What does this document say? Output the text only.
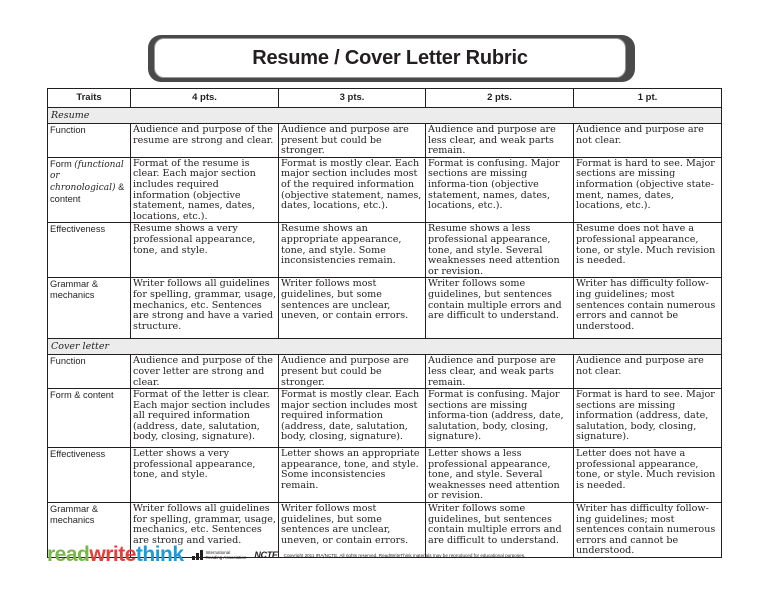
Resume / Cover Letter Rubric
Traits	4 pts.	3 pts.	2 pts.	1 pt.
Resume				
Function	Audience and purpose of the resume are strong and clear.	Audience and purpose are present but could be stronger.	Audience and purpose are less clear, and weak parts remain.	Audience and purpose are not clear.
Form (functional or chronological) & content	Format of the resume is clear. Each major section includes required information (objective statement, names, dates, locations, etc.).	Format is mostly clear. Each major section includes most of the required information (objective statement, names, dates, locations, etc.).	Format is confusing. Major sections are missing informa-tion (objective statement, names, dates, locations, etc.).	Format is hard to see. Major sections are missing information (objective state-ment, names, dates, locations, etc.).
Effectiveness	Resume shows a very professional appearance, tone, and style.	Resume shows an appropriate appearance, tone, and style. Some inconsistencies remain.	Resume shows a less professional appearance, tone, and style. Several weaknesses need attention or revision.	Resume does not have a professional appearance, tone, or style. Much revision is needed.
Grammar & mechanics	Writer follows all guidelines for spelling, grammar, usage, mechanics, etc. Sentences are strong and have a varied structure.	Writer follows most guidelines, but some sentences are unclear, uneven, or contain errors.	Writer follows some guidelines, but sentences contain multiple errors and are difficult to understand.	Writer has difficulty follow-ing guidelines; most sentences contain numerous errors and cannot be understood.
Cover letter				
Function	Audience and purpose of the cover letter are strong and clear.	Audience and purpose are present but could be stronger.	Audience and purpose are less clear, and weak parts remain.	Audience and purpose are not clear.
Form & content	Format of the letter is clear. Each major section includes all required information (address, date, salutation, body, closing, signature).	Format is mostly clear. Each major section includes most required information (address, date, salutation, body, closing, signature).	Format is confusing. Major sections are missing informa-tion (address, date, salutation, body, closing, signature).	Format is hard to see. Major sections are missing information (address, date, salutation, body, closing, signature).
Effectiveness	Letter shows a very professional appearance, tone, and style.	Letter shows an appropriate appearance, tone, and style. Some inconsistencies remain.	Letter shows a less professional appearance, tone, and style. Several weaknesses need attention or revision.	Letter does not have a professional appearance, tone, or style. Much revision is needed.
Grammar & mechanics	Writer follows all guidelines for spelling, grammar, usage, mechanics, etc. Sentences are strong and varied.	Writer follows most guidelines, but some sentences are unclear, uneven, or contain errors.	Writer follows some guidelines, but sentences contain multiple errors and are difficult to understand.	Writer has difficulty follow-ing guidelines; most sentences contain numerous errors and cannot be understood.
readwritethink	International
Reading Association NCTE Copyright 2011 IRA/NCTE. All rights reserved. ReadWriteThink materials may be reproduced for educational purposes.
